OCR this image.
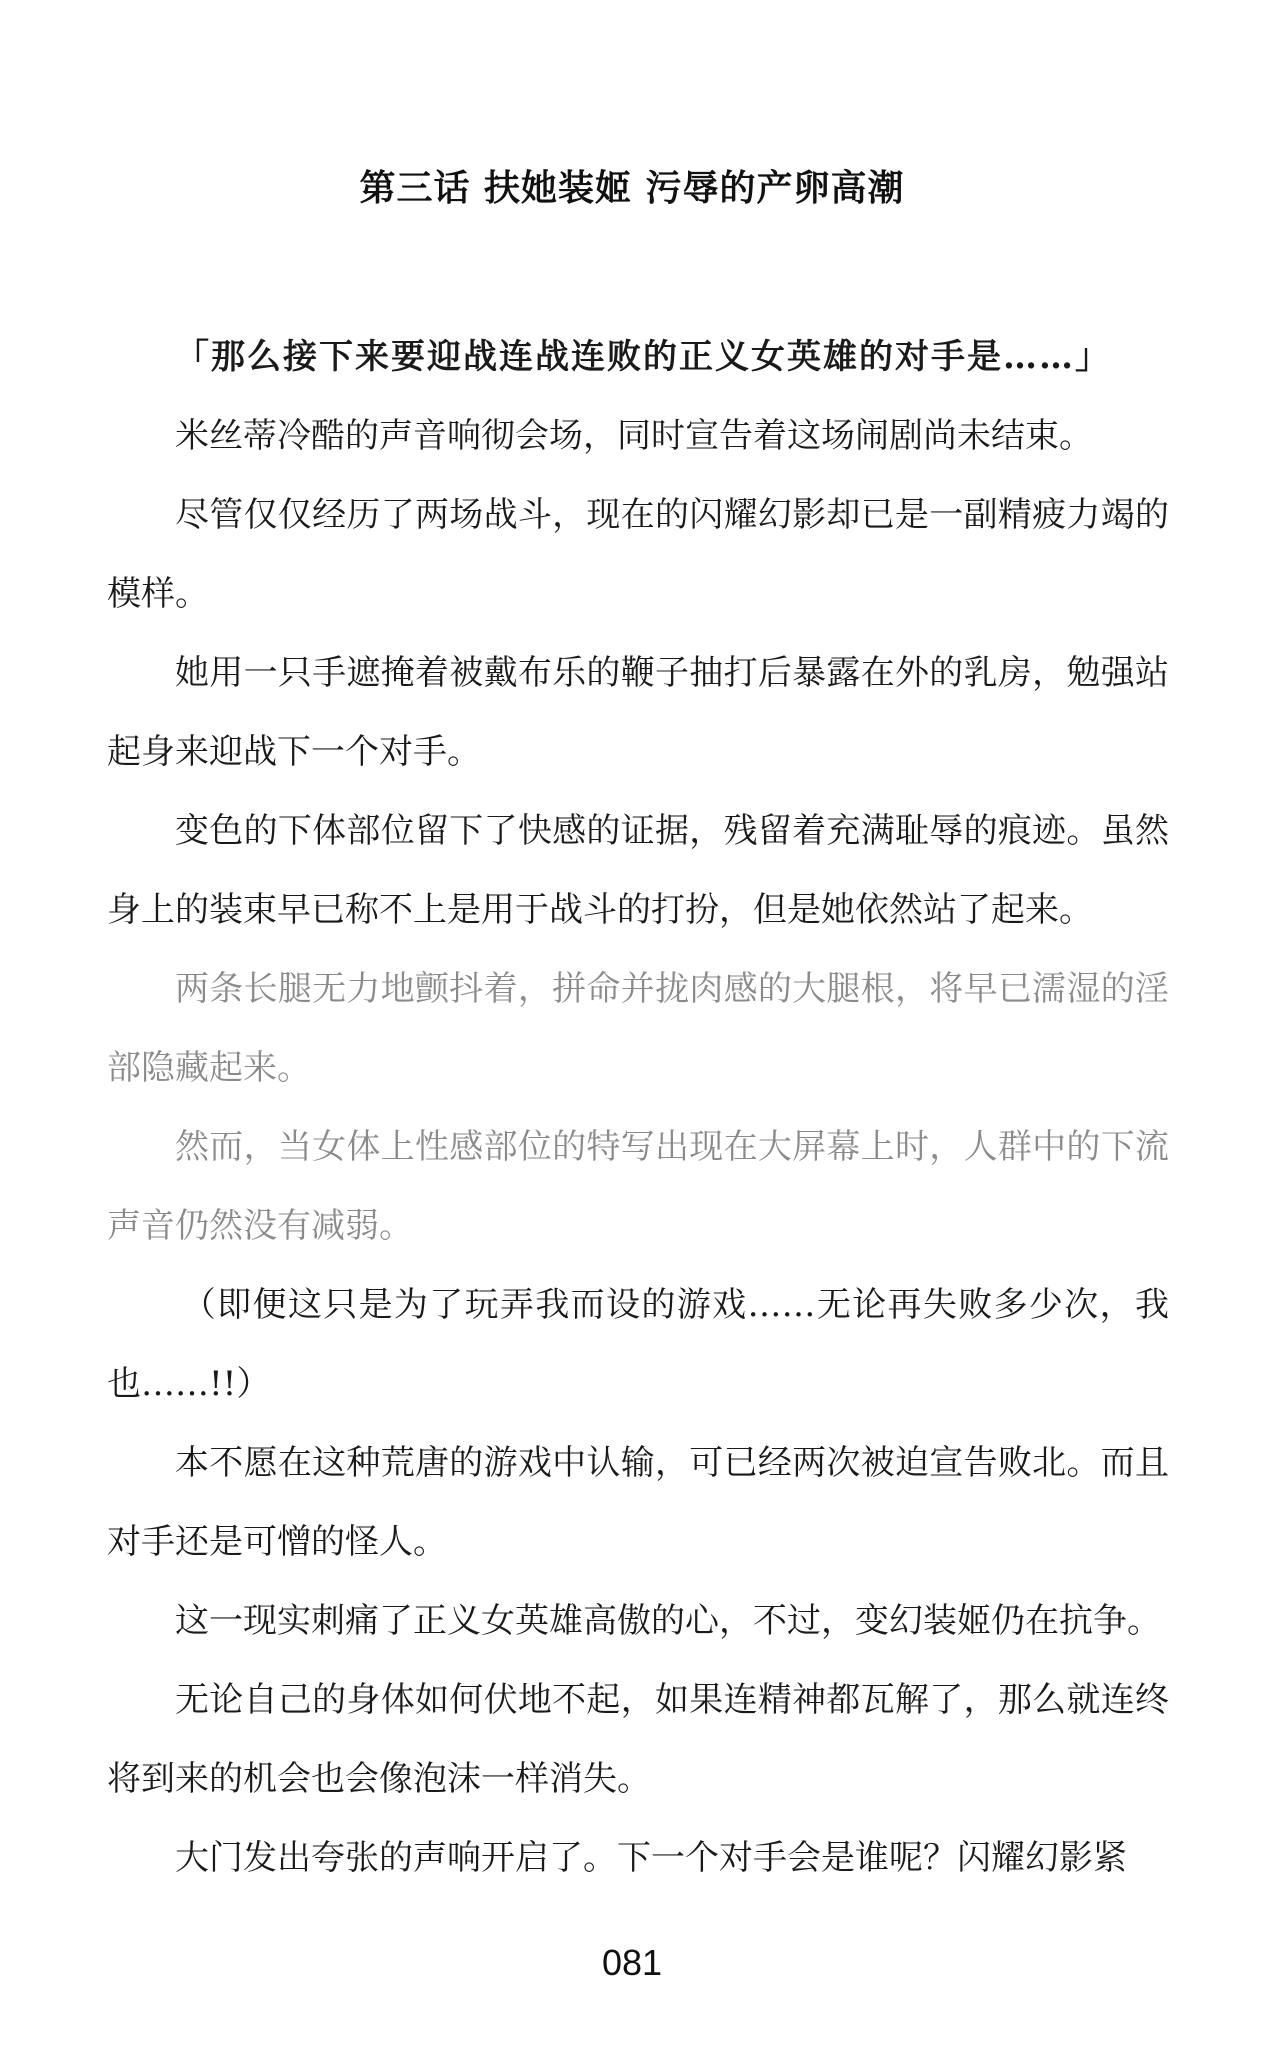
第三话 扶她装姬 污辱的产卵高潮

「那么接下来要迎战连战连败的正义女英雄的对手是……」

米丝蒂冷酷的声音响彻会场，同时宣告着这场闹剧尚未结束。

尽管仅仅经历了两场战斗，现在的闪耀幻影却已是一副精疲力竭的模样。

她用一只手遮掩着被戴布乐的鞭子抽打后暴露在外的乳房，勉强站起身来迎战下一个对手。

变色的下体部位留下了快感的证据，残留着充满耻辱的痕迹。虽然身上的装束早已称不上是用于战斗的打扮，但是她依然站了起来。

两条长腿无力地颤抖着，拼命并拢肉感的大腿根，将早已濡湿的淫部隐藏起来。

然而，当女体上性感部位的特写出现在大屏幕上时，人群中的下流声音仍然没有减弱。

（即便这只是为了玩弄我而设的游戏……无论再失败多少次，我也……!!）

本不愿在这种荒唐的游戏中认输，可已经两次被迫宣告败北。而且对手还是可憎的怪人。

这一现实刺痛了正义女英雄高傲的心，不过，变幻装姬仍在抗争。

无论自己的身体如何伏地不起，如果连精神都瓦解了，那么就连终将到来的机会也会像泡沫一样消失。

大门发出夸张的声响开启了。下一个对手会是谁呢？闪耀幻影紧

081
